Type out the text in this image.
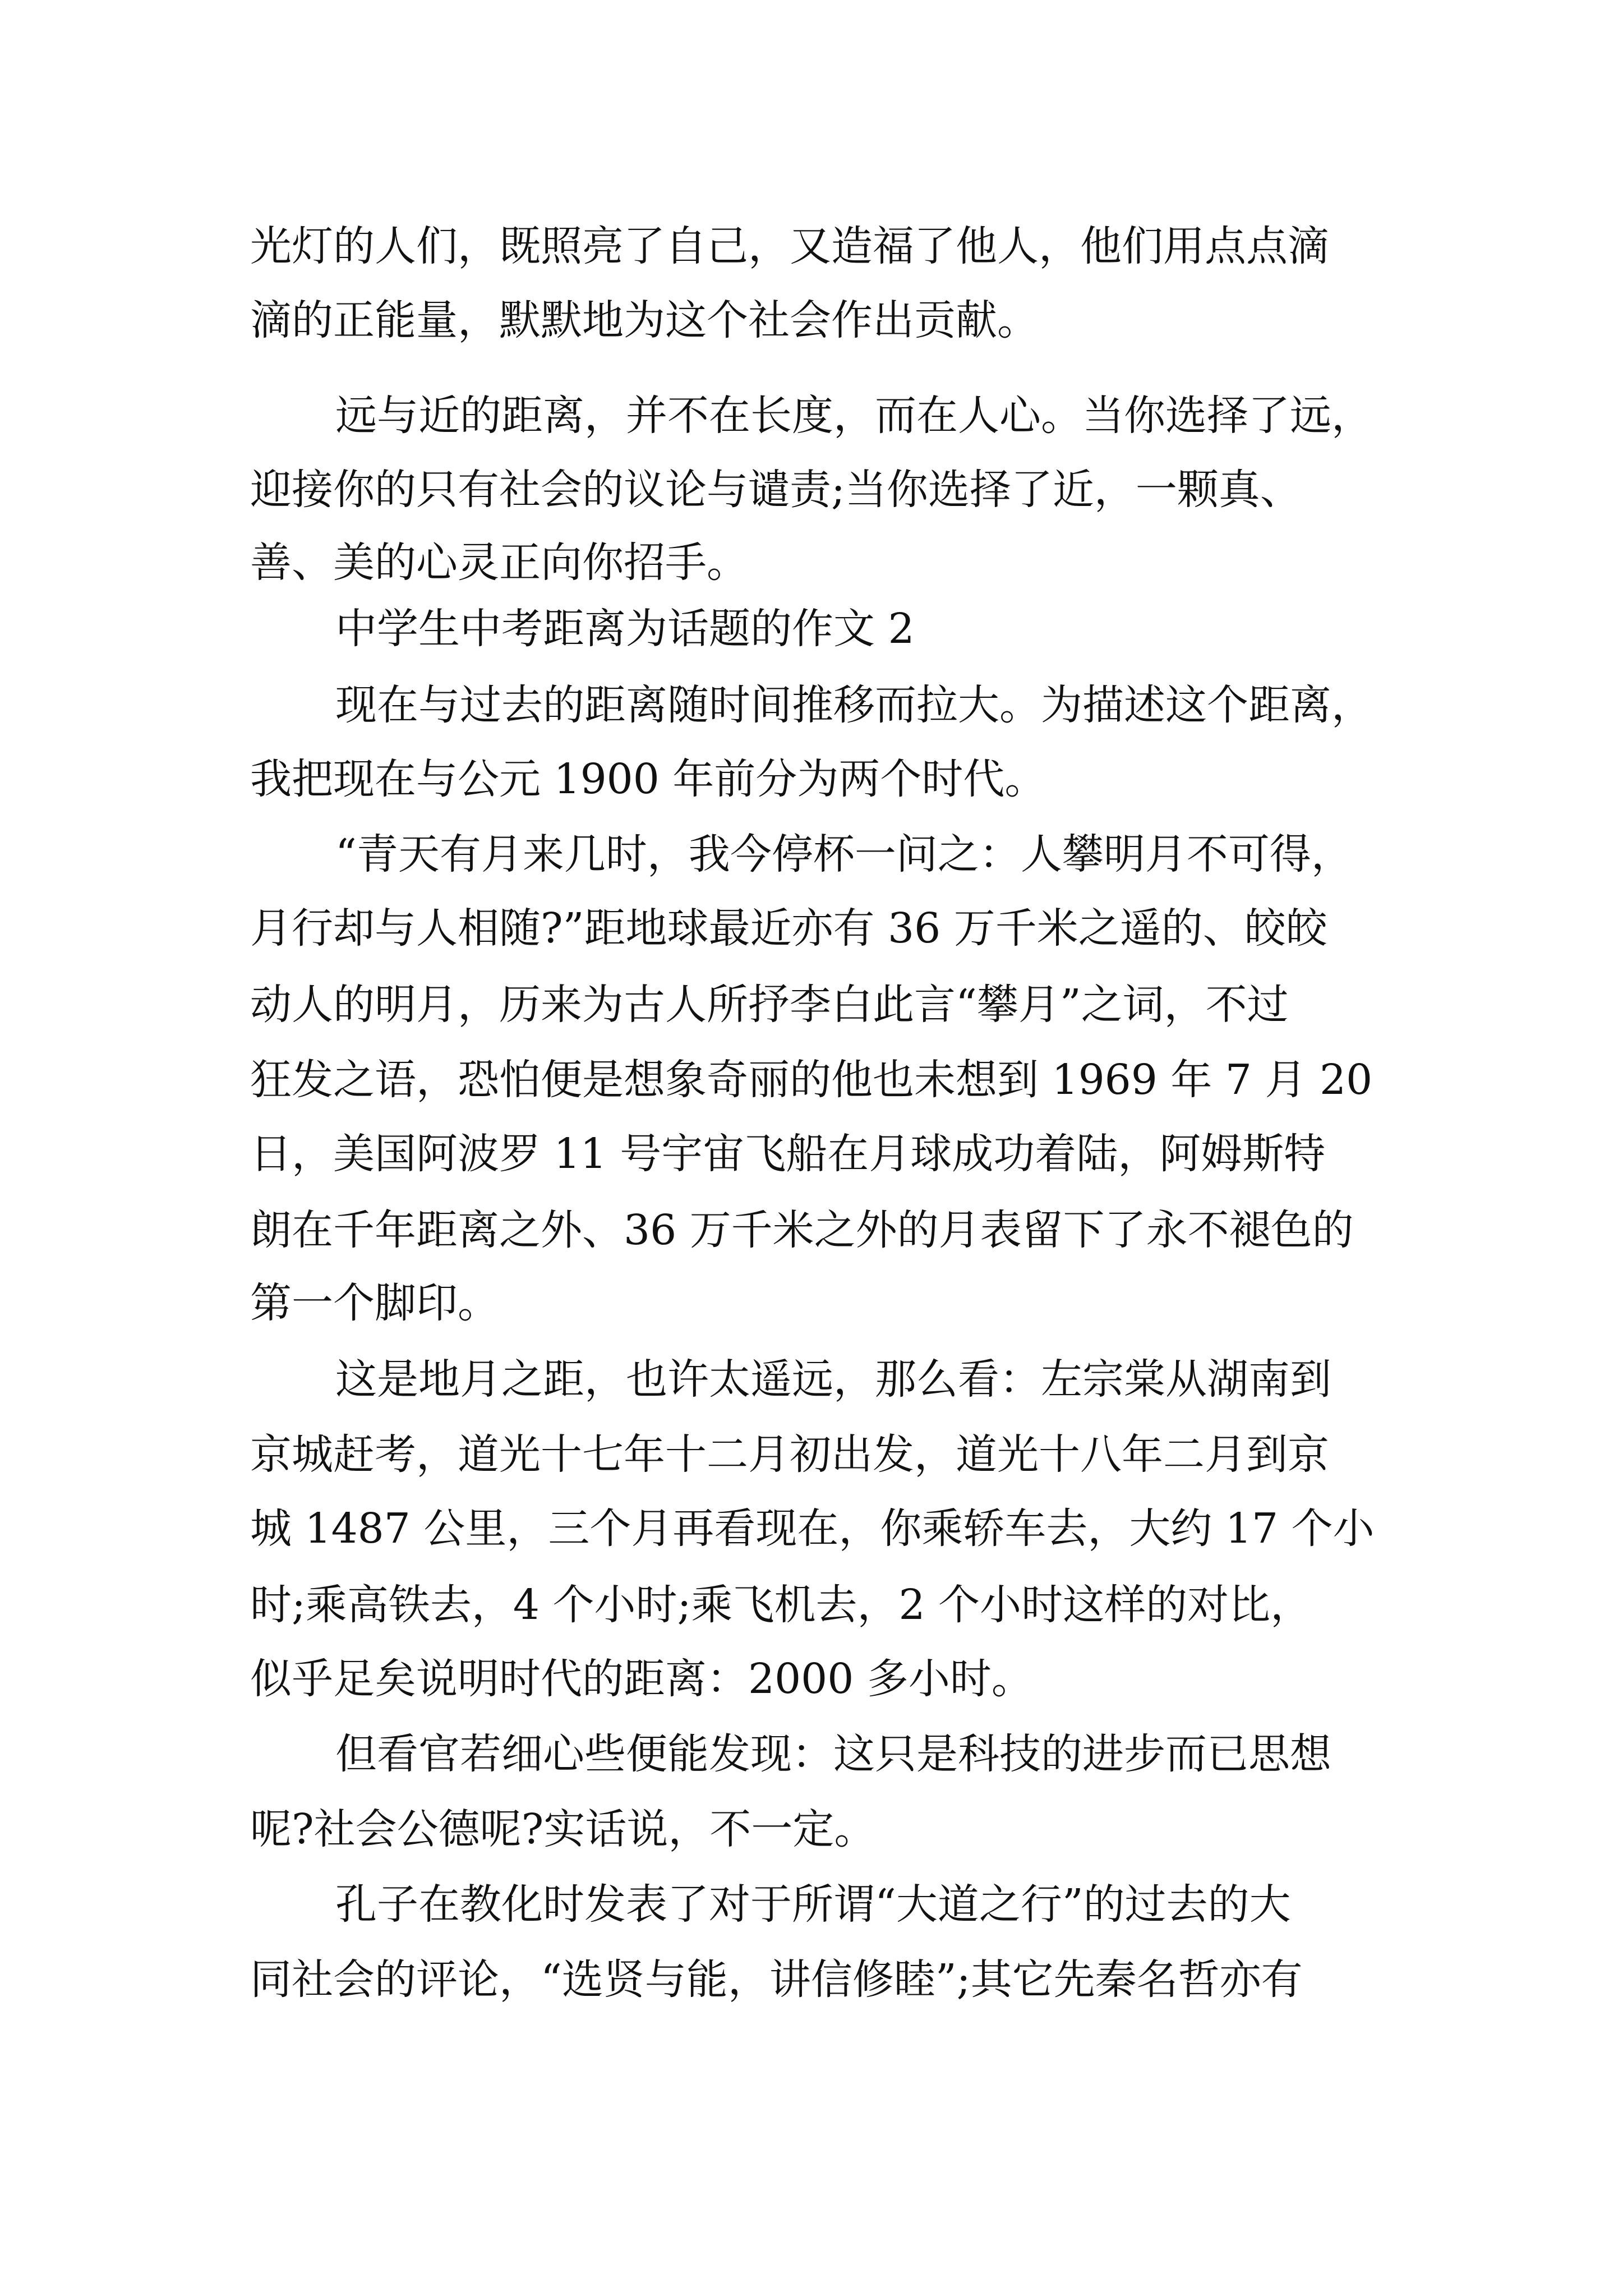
光灯的人们，既照亮了自己，又造福了他人，他们用点点滴
滴的正能量，默默地为这个社会作出贡献。
远与近的距离，并不在长度，而在人心。当你选择了远，
迎接你的只有社会的议论与谴责;当你选择了近，一颗真、
善、美的心灵正向你招手。
中学生中考距离为话题的作文 2
现在与过去的距离随时间推移而拉大。为描述这个距离，
我把现在与公元 1900 年前分为两个时代。
“青天有月来几时，我今停杯一问之：人攀明月不可得，
月行却与人相随?”距地球最近亦有 36 万千米之遥的、皎皎
动人的明月，历来为古人所抒李白此言“攀月”之词，不过
狂发之语，恐怕便是想象奇丽的他也未想到 1969 年 7 月 20
日，美国阿波罗 11 号宇宙飞船在月球成功着陆，阿姆斯特
朗在千年距离之外、36 万千米之外的月表留下了永不褪色的
第一个脚印。
这是地月之距，也许太遥远，那么看：左宗棠从湖南到
京城赶考，道光十七年十二月初出发，道光十八年二月到京
城 1487 公里，三个月再看现在，你乘轿车去，大约 17 个小
时;乘高铁去，4 个小时;乘飞机去，2 个小时这样的对比，
似乎足矣说明时代的距离：2000 多小时。
但看官若细心些便能发现：这只是科技的进步而已思想
呢?社会公德呢?实话说，不一定。
孔子在教化时发表了对于所谓“大道之行”的过去的大
同社会的评论，“选贤与能，讲信修睦”;其它先秦名哲亦有
